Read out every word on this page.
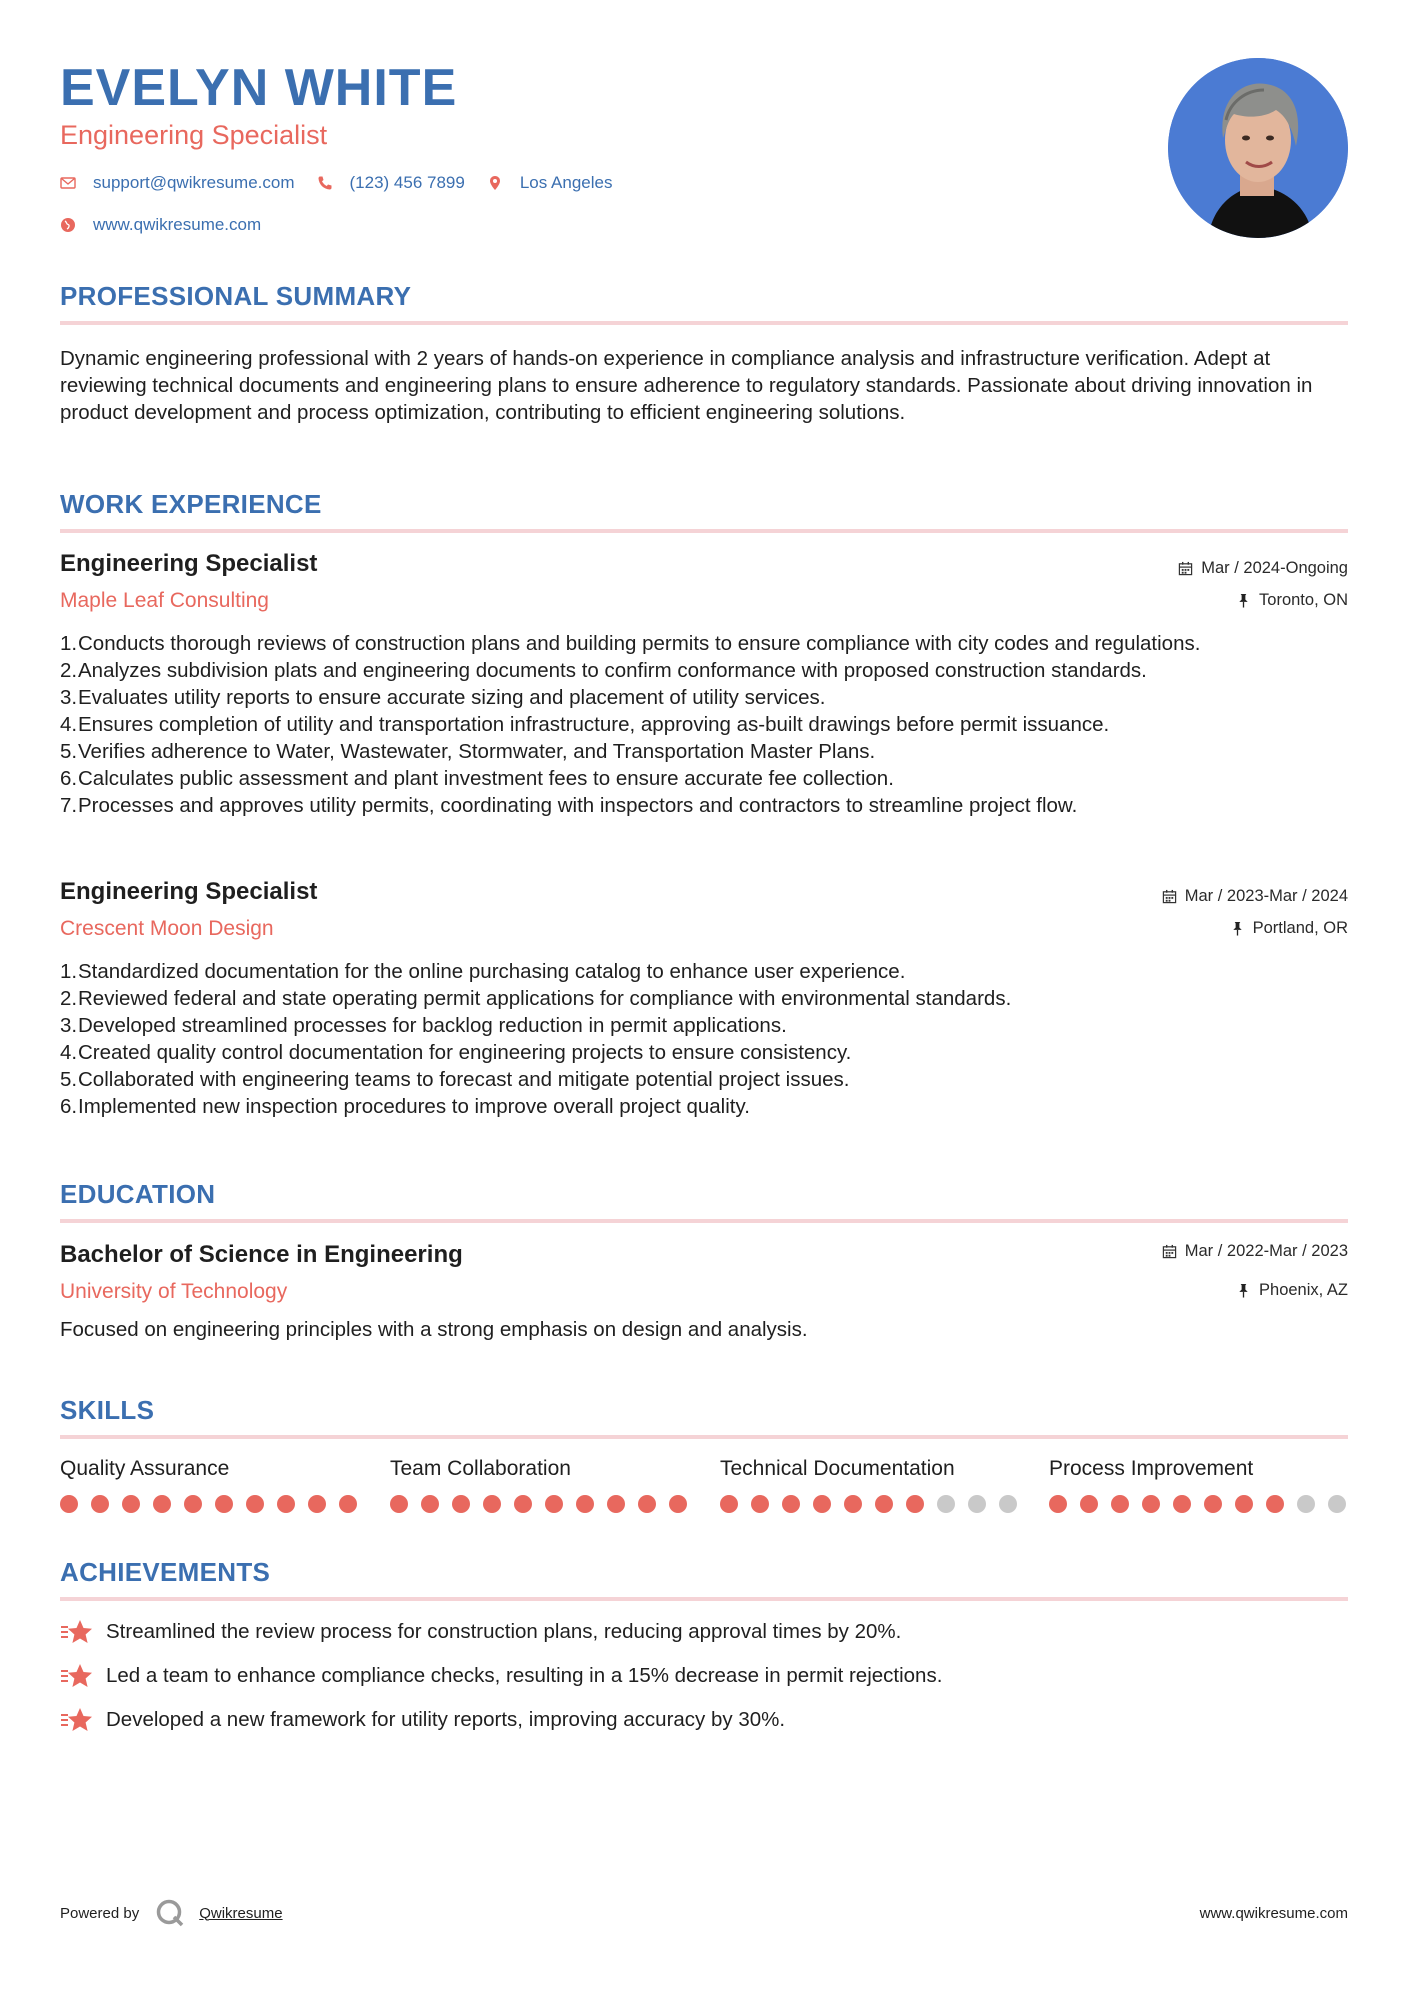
EVELYN WHITE

Engineering Specialist

support@qwikresume.com	(123) 456 7899	Los Angeles
www.qwikresume.com
PROFESSIONAL SUMMARY

Dynamic engineering professional with 2 years of hands-on experience in compliance analysis and infrastructure verification. Adept at reviewing technical documents and engineering plans to ensure adherence to regulatory standards. Passionate about driving innovation in product development and process optimization, contributing to efficient engineering solutions.

WORK EXPERIENCE
Engineering Specialist

Maple Leaf Consulting

Mar / 2024-Ongoing
Toronto, ON
1. Conducts thorough reviews of construction plans and building permits to ensure compliance with city codes and regulations.
2. Analyzes subdivision plats and engineering documents to confirm conformance with proposed construction standards.
3. Evaluates utility reports to ensure accurate sizing and placement of utility services.
4. Ensures completion of utility and transportation infrastructure, approving as-built drawings before permit issuance.
5. Verifies adherence to Water, Wastewater, Stormwater, and Transportation Master Plans.
6. Calculates public assessment and plant investment fees to ensure accurate fee collection.
7. Processes and approves utility permits, coordinating with inspectors and contractors to streamline project flow.
Engineering Specialist

Crescent Moon Design

Mar / 2023-Mar / 2024
Portland, OR
1. Standardized documentation for the online purchasing catalog to enhance user experience.
2. Reviewed federal and state operating permit applications for compliance with environmental standards.
3. Developed streamlined processes for backlog reduction in permit applications.
4. Created quality control documentation for engineering projects to ensure consistency.
5. Collaborated with engineering teams to forecast and mitigate potential project issues.
6. Implemented new inspection procedures to improve overall project quality.
EDUCATION
Bachelor of Science in Engineering

University of Technology

Mar / 2022-Mar / 2023
Phoenix, AZ

Focused on engineering principles with a strong emphasis on design and analysis.

SKILLS

Quality Assurance	Team Collaboration	Technical Documentation	Process Improvement

ACHIEVEMENTS
Streamlined the review process for construction plans, reducing approval times by 20%.
Led a team to enhance compliance checks, resulting in a 15% decrease in permit rejections.
Developed a new framework for utility reports, improving accuracy by 30%.
Powered by	Qwikresume	www.qwikresume.com
